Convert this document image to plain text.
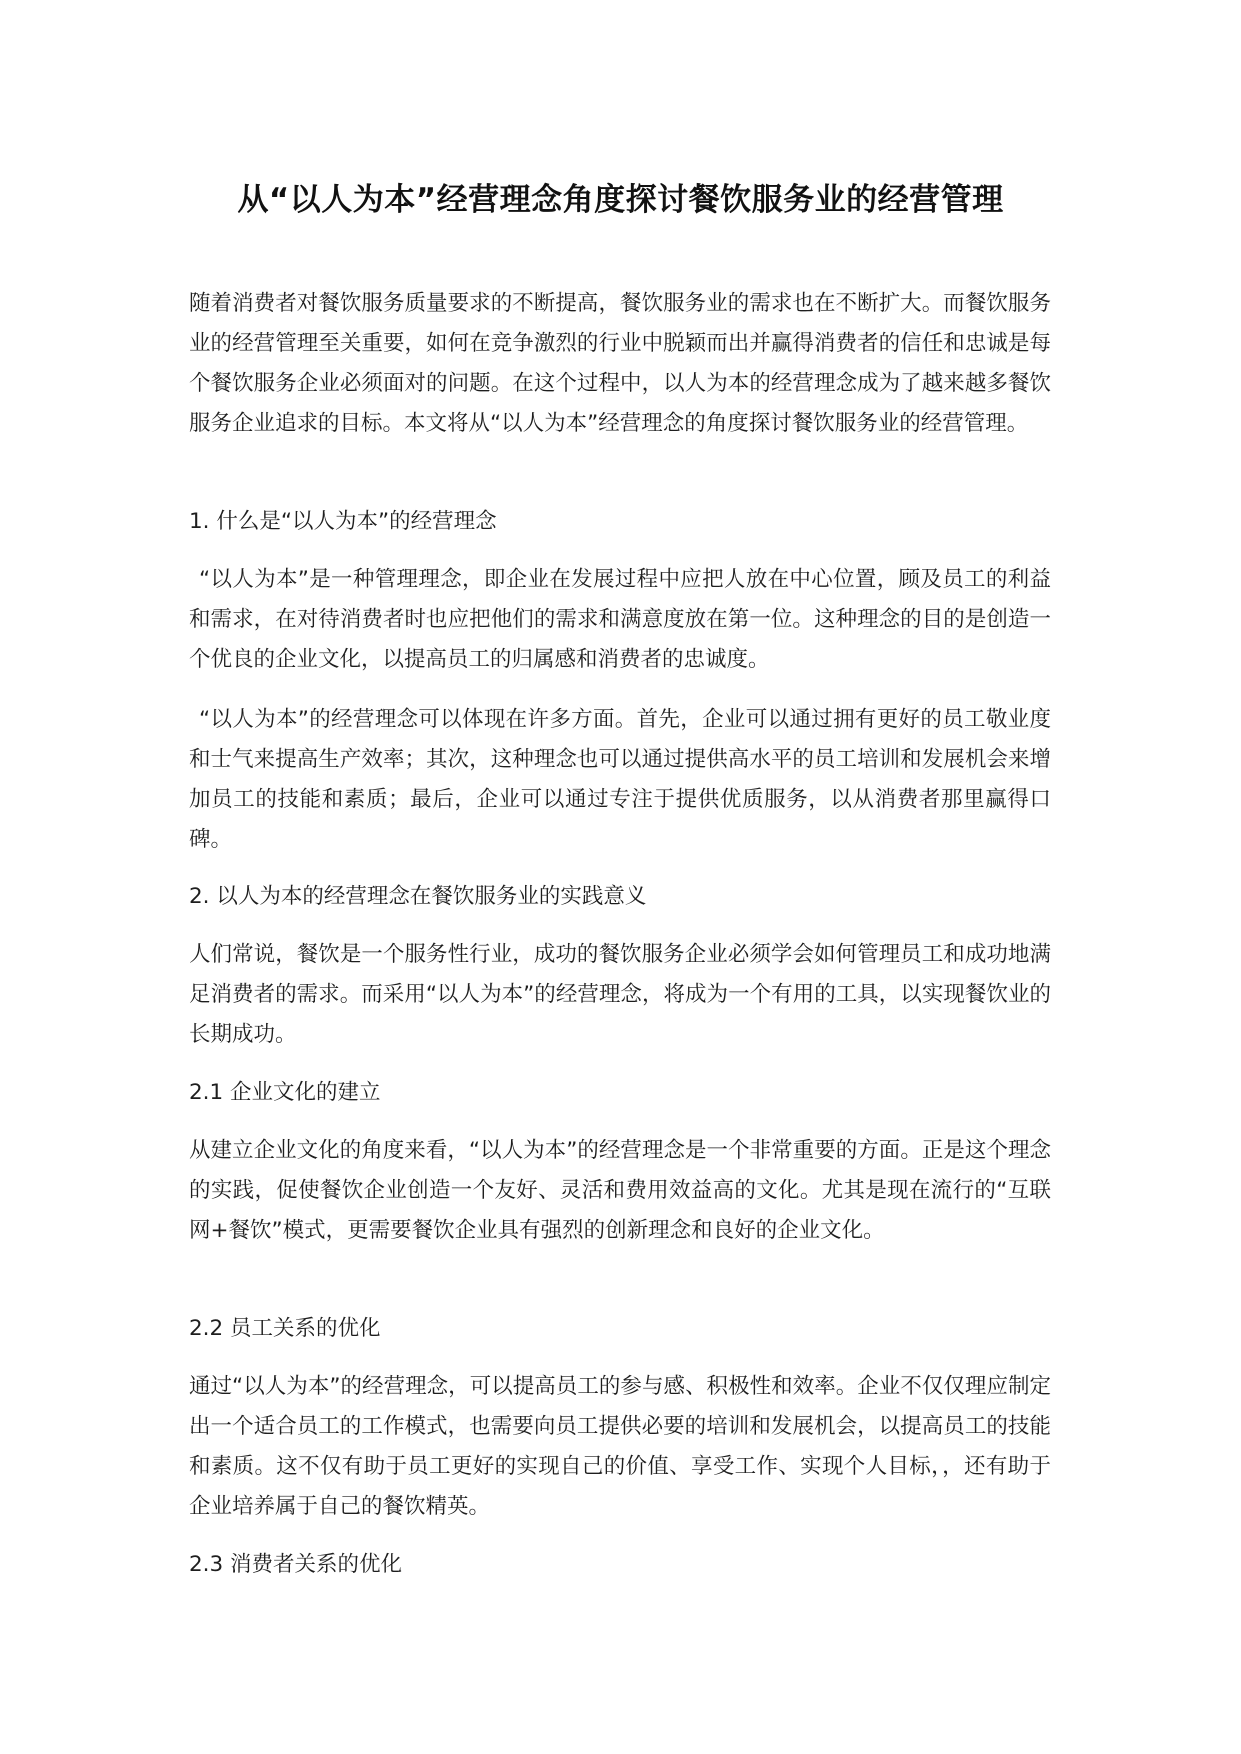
从“以人为本”经营理念角度探讨餐饮服务业的经营管理

随着消费者对餐饮服务质量要求的不断提高，餐饮服务业的需求也在不断扩大。而餐饮服务业的经营管理至关重要，如何在竞争激烈的行业中脱颖而出并赢得消费者的信任和忠诚是每个餐饮服务企业必须面对的问题。在这个过程中，以人为本的经营理念成为了越来越多餐饮服务企业追求的目标。本文将从“以人为本”经营理念的角度探讨餐饮服务业的经营管理。

1. 什么是“以人为本”的经营理念

“以人为本”是一种管理理念，即企业在发展过程中应把人放在中心位置，顾及员工的利益和需求，在对待消费者时也应把他们的需求和满意度放在第一位。这种理念的目的是创造一个优良的企业文化，以提高员工的归属感和消费者的忠诚度。

“以人为本”的经营理念可以体现在许多方面。首先，企业可以通过拥有更好的员工敬业度和士气来提高生产效率；其次，这种理念也可以通过提供高水平的员工培训和发展机会来增加员工的技能和素质；最后，企业可以通过专注于提供优质服务，以从消费者那里赢得口碑。

2. 以人为本的经营理念在餐饮服务业的实践意义

人们常说，餐饮是一个服务性行业，成功的餐饮服务企业必须学会如何管理员工和成功地满足消费者的需求。而采用“以人为本”的经营理念，将成为一个有用的工具，以实现餐饮业的长期成功。

2.1 企业文化的建立

从建立企业文化的角度来看，“以人为本”的经营理念是一个非常重要的方面。正是这个理念的实践，促使餐饮企业创造一个友好、灵活和费用效益高的文化。尤其是现在流行的“互联网+餐饮”模式，更需要餐饮企业具有强烈的创新理念和良好的企业文化。

2.2 员工关系的优化

通过“以人为本”的经营理念，可以提高员工的参与感、积极性和效率。企业不仅仅理应制定出一个适合员工的工作模式，也需要向员工提供必要的培训和发展机会，以提高员工的技能和素质。这不仅有助于员工更好的实现自己的价值、享受工作、实现个人目标，，还有助于企业培养属于自己的餐饮精英。

2.3 消费者关系的优化
